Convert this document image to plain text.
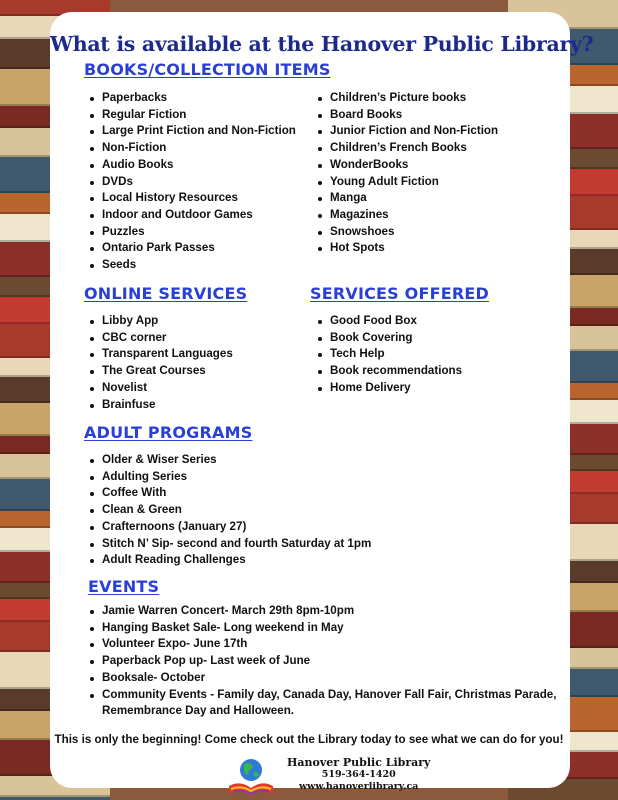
What is available at the Hanover Public Library?
BOOKS/COLLECTION ITEMS
Paperbacks
Regular Fiction
Large Print Fiction and Non-Fiction
Non-Fiction
Audio Books
DVDs
Local History Resources
Indoor and Outdoor Games
Puzzles
Ontario Park Passes
Seeds
Children’s Picture books
Board Books
Junior Fiction and Non-Fiction
Children’s French Books
WonderBooks
Young Adult Fiction
Manga
Magazines
Snowshoes
Hot Spots
ONLINE SERVICES
Libby App
CBC corner
Transparent Languages
The Great Courses
Novelist
Brainfuse
SERVICES OFFERED
Good Food Box
Book Covering
Tech Help
Book recommendations
Home Delivery
ADULT PROGRAMS
Older & Wiser Series
Adulting Series
Coffee With
Clean & Green
Crafternoons (January 27)
Stitch N’ Sip- second and fourth Saturday at 1pm
Adult Reading Challenges
EVENTS
Jamie Warren Concert- March 29th 8pm-10pm
Hanging Basket Sale- Long weekend in May
Volunteer Expo- June 17th
Paperback Pop up- Last week of June
Booksale- October
Community Events - Family day, Canada Day, Hanover Fall Fair, Christmas Parade, Remembrance Day and Halloween.
This is only the beginning! Come check out the Library today to see what we can do for you!
Hanover Public Library
519-364-1420
www.hanoverlibrary.ca
